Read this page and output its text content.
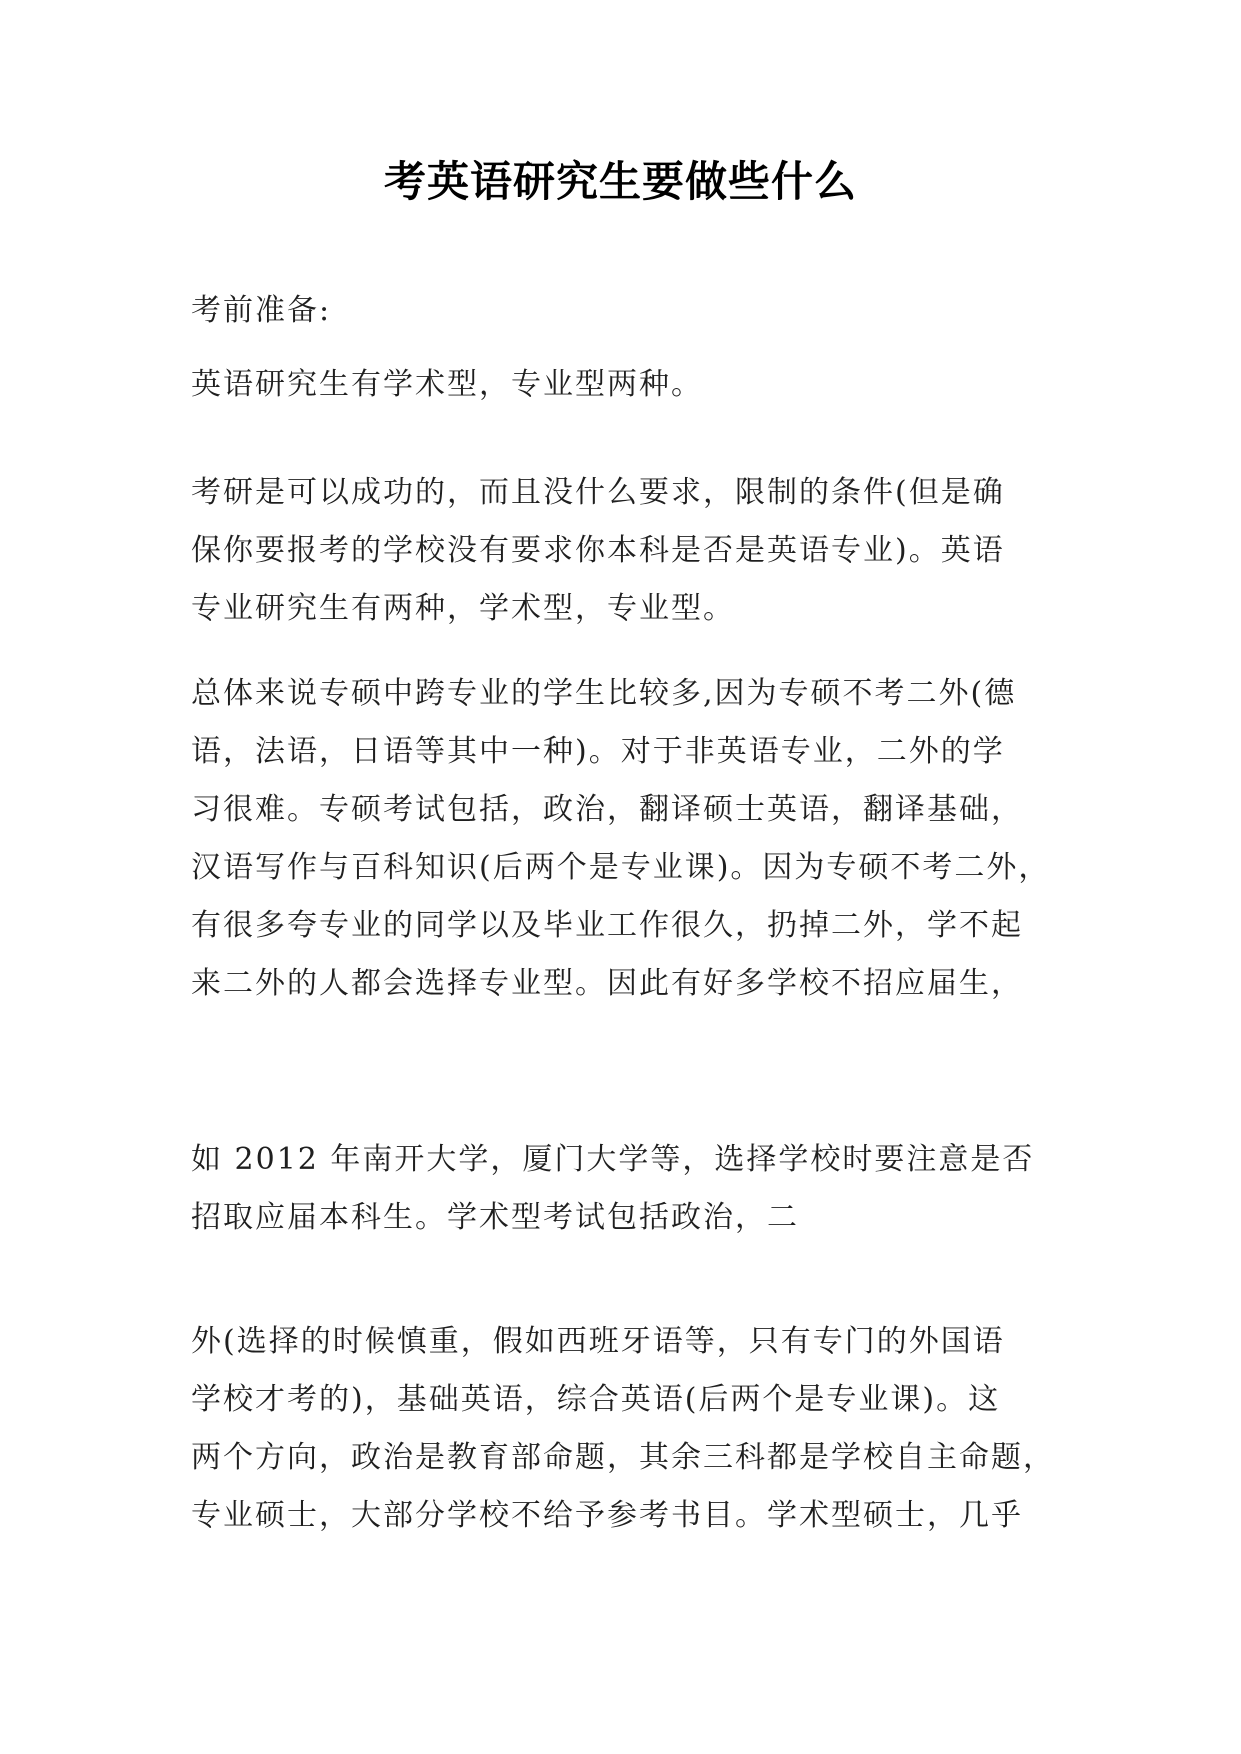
考英语研究生要做些什么

考前准备:

英语研究生有学术型，专业型两种。

考研是可以成功的，而且没什么要求，限制的条件(但是确
保你要报考的学校没有要求你本科是否是英语专业)。英语
专业研究生有两种，学术型，专业型。

总体来说专硕中跨专业的学生比较多,因为专硕不考二外(德
语，法语，日语等其中一种)。对于非英语专业，二外的学
习很难。专硕考试包括，政治，翻译硕士英语，翻译基础，
汉语写作与百科知识(后两个是专业课)。因为专硕不考二外，
有很多夸专业的同学以及毕业工作很久，扔掉二外，学不起
来二外的人都会选择专业型。因此有好多学校不招应届生，

如 2012 年南开大学，厦门大学等，选择学校时要注意是否
招取应届本科生。学术型考试包括政治，二

外(选择的时候慎重，假如西班牙语等，只有专门的外国语
学校才考的)，基础英语，综合英语(后两个是专业课)。这
两个方向，政治是教育部命题，其余三科都是学校自主命题，
专业硕士，大部分学校不给予参考书目。学术型硕士，几乎
